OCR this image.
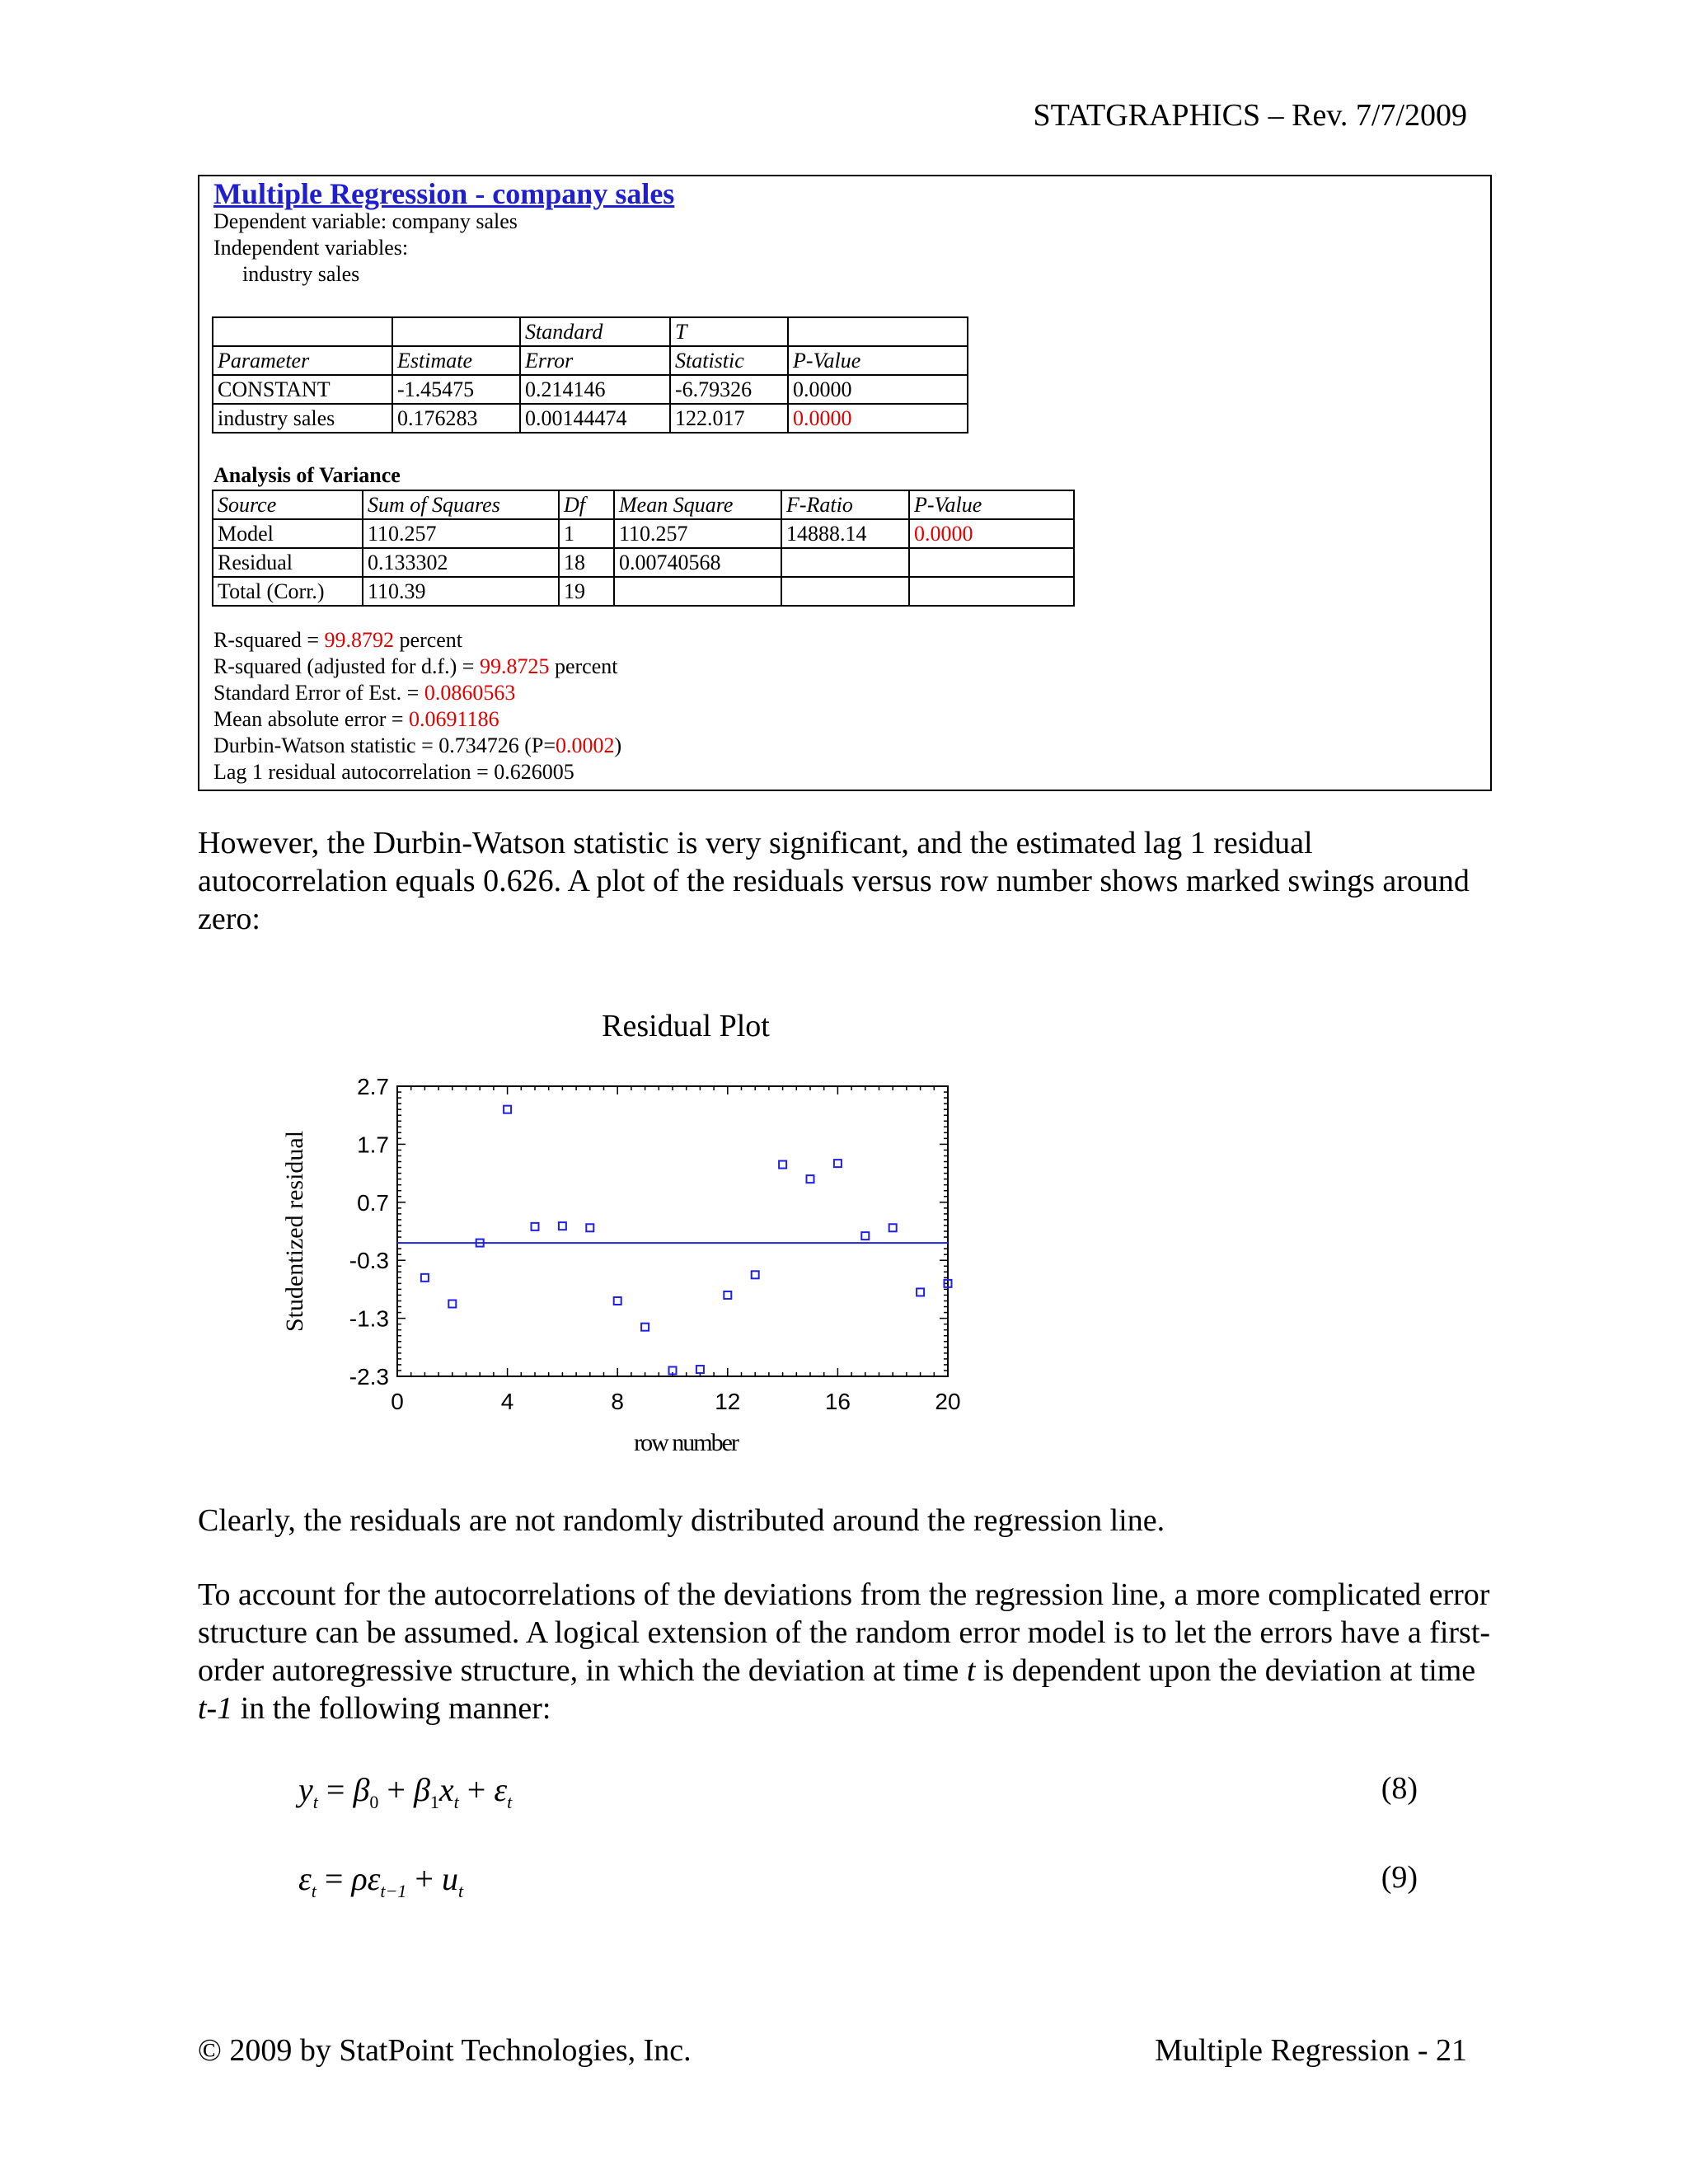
STATGRAPHICS – Rev. 7/7/2009
Multiple Regression - company sales
Dependent variable: company sales
Independent variables:
industry sales
		Standard	T	
Parameter	Estimate	Error	Statistic	P-Value
CONSTANT	-1.45475	0.214146	-6.79326	0.0000
industry sales	0.176283	0.00144474	122.017	0.0000
Analysis of Variance
Source	Sum of Squares	Df	Mean Square	F-Ratio	P-Value
Model	110.257	1	110.257	14888.14	0.0000
Residual	0.133302	18	0.00740568		
Total (Corr.)	110.39	19			
R-squared = 99.8792 percent
R-squared (adjusted for d.f.) = 99.8725 percent
Standard Error of Est. = 0.0860563
Mean absolute error = 0.0691186
Durbin-Watson statistic = 0.734726 (P=0.0002)
Lag 1 residual autocorrelation = 0.626005

However, the Durbin-Watson statistic is very significant, and the estimated lag 1 residual autocorrelation equals 0.626. A plot of the residuals versus row number shows marked swings around zero:

Residual Plot
2.7
1.7
0.7
-0.3
-1.3
-2.3
0	4	8	12	16	20
row number
Studentized residual

Clearly, the residuals are not randomly distributed around the regression line.

To account for the autocorrelations of the deviations from the regression line, a more complicated error structure can be assumed. A logical extension of the random error model is to let the errors have a first-order autoregressive structure, in which the deviation at time t is dependent upon the deviation at time t-1 in the following manner:

$y_t = \beta_0 + \beta_1x_t + \varepsilon_t$	(8)
$\varepsilon_t = \rho\varepsilon_{t-1} + u_t$	(9)
© 2009 by StatPoint Technologies, Inc.	Multiple Regression - 21
